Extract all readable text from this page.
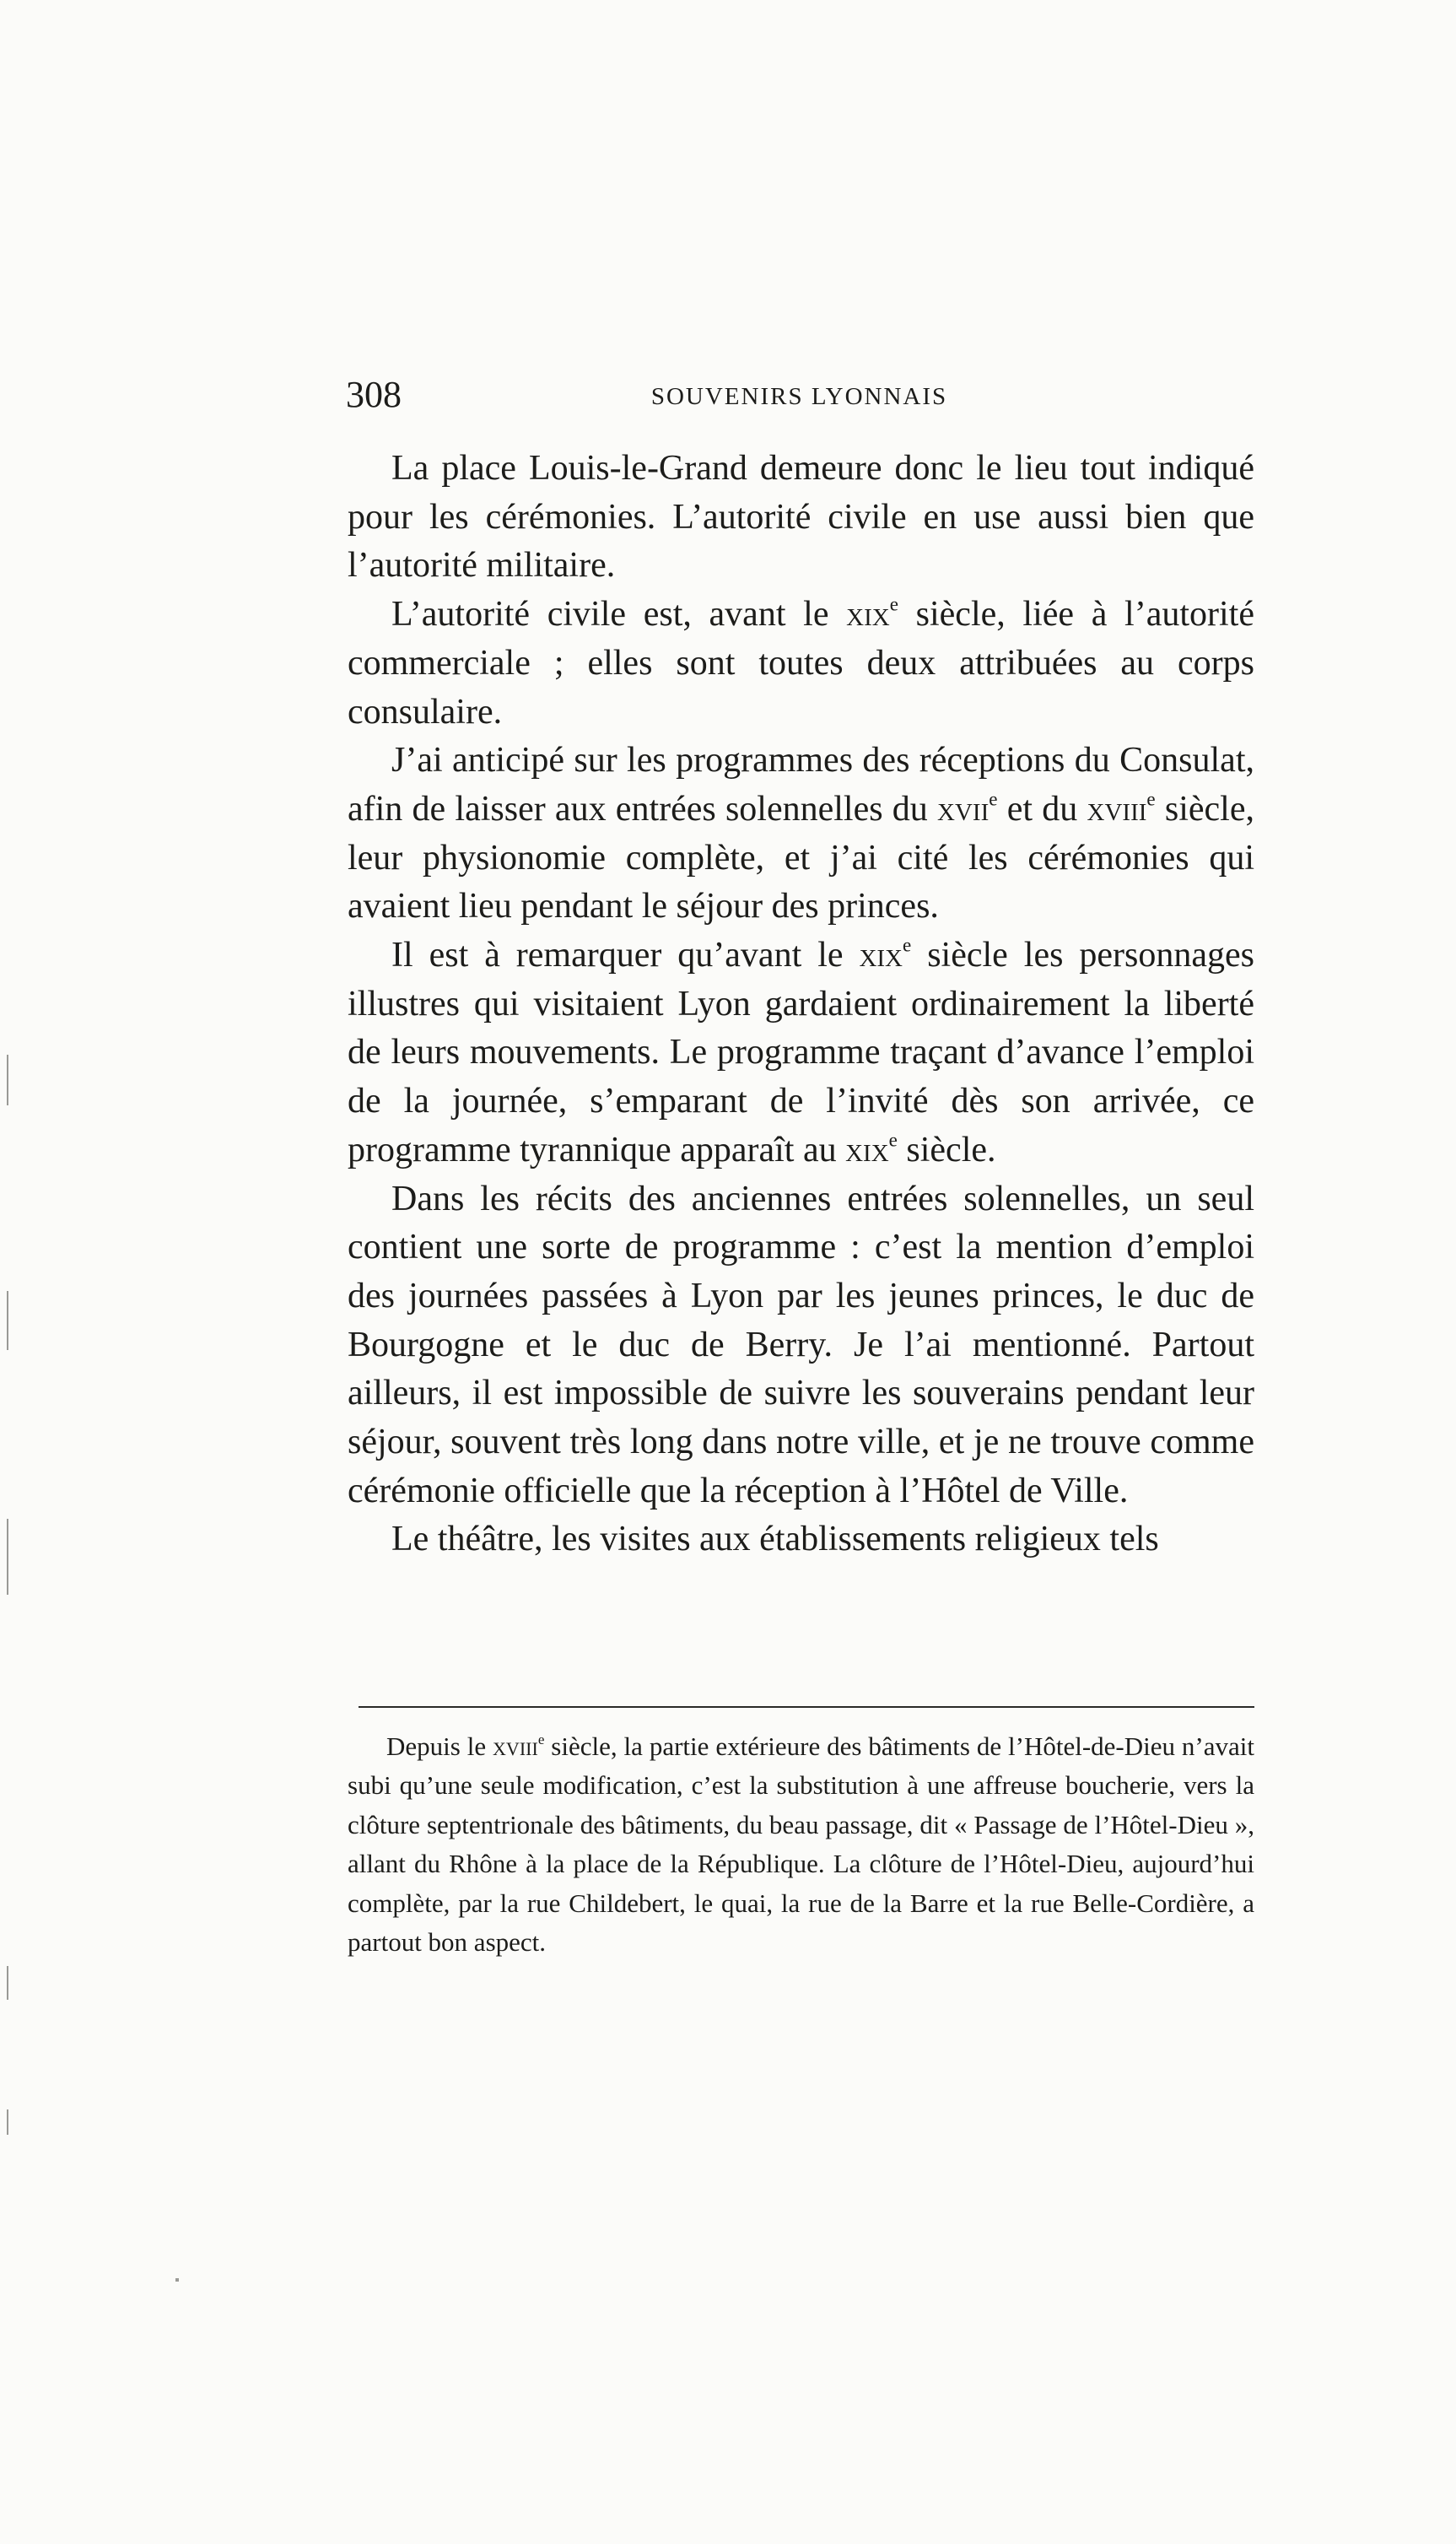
308	SOUVENIRS LYONNAIS

La place Louis-le-Grand demeure donc le lieu tout indiqué pour les cérémonies. L’autorité civile en use aussi bien que l’autorité militaire.

L’autorité civile est, avant le xix$^e$ siècle, liée à l’autorité commerciale ; elles sont toutes deux attribuées au corps consulaire.

J’ai anticipé sur les programmes des réceptions du Consulat, afin de laisser aux entrées solennelles du xvii$^e$ et du xviii$^e$ siècle, leur physionomie complète, et j’ai cité les cérémonies qui avaient lieu pendant le séjour des princes.

Il est à remarquer qu’avant le xix$^e$ siècle les personnages illustres qui visitaient Lyon gardaient ordinairement la liberté de leurs mouvements. Le programme traçant d’avance l’emploi de la journée, s’emparant de l’invité dès son arrivée, ce programme tyrannique apparaît au xix$^e$ siècle.

Dans les récits des anciennes entrées solennelles, un seul contient une sorte de programme : c’est la mention d’emploi des journées passées à Lyon par les jeunes princes, le duc de Bourgogne et le duc de Berry. Je l’ai mentionné. Partout ailleurs, il est impossible de suivre les souverains pendant leur séjour, souvent très long dans notre ville, et je ne trouve comme cérémonie officielle que la réception à l’Hôtel de Ville.

Le théâtre, les visites aux établissements religieux tels

Depuis le xviii$^e$ siècle, la partie extérieure des bâtiments de l’Hôtel-de-Dieu n’avait subi qu’une seule modification, c’est la substitution à une affreuse boucherie, vers la clôture septentrionale des bâtiments, du beau passage, dit « Passage de l’Hôtel-Dieu », allant du Rhône à la place de la République. La clôture de l’Hôtel-Dieu, aujourd’hui complète, par la rue Childebert, le quai, la rue de la Barre et la rue Belle-Cordière, a partout bon aspect.
